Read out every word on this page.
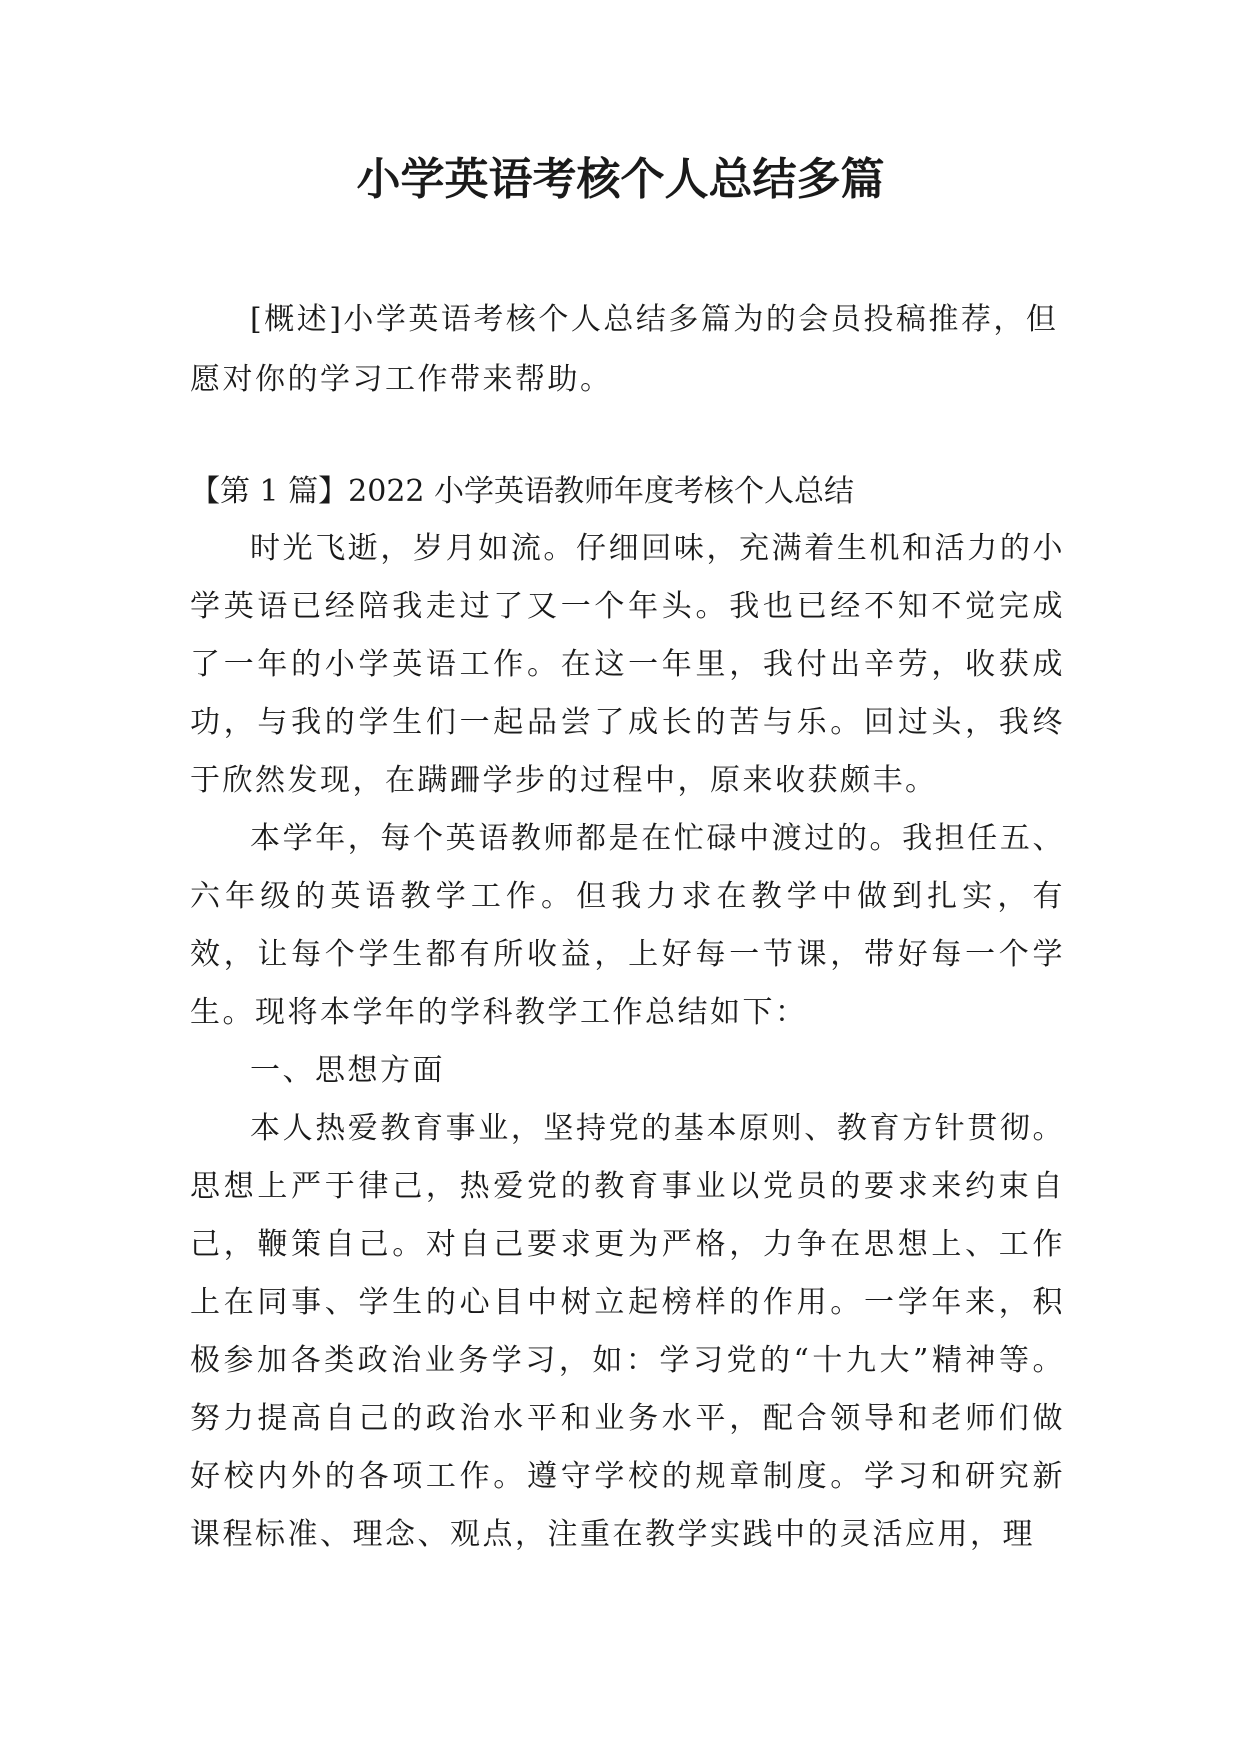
小学英语考核个人总结多篇

[概述]小学英语考核个人总结多篇为的会员投稿推荐，但愿对你的学习工作带来帮助。

【第 1 篇】2022 小学英语教师年度考核个人总结

时光飞逝，岁月如流。仔细回味，充满着生机和活力的小学英语已经陪我走过了又一个年头。我也已经不知不觉完成了一年的小学英语工作。在这一年里，我付出辛劳，收获成功，与我的学生们一起品尝了成长的苦与乐。回过头，我终于欣然发现，在蹒跚学步的过程中，原来收获颇丰。

本学年，每个英语教师都是在忙碌中渡过的。我担任五、六年级的英语教学工作。但我力求在教学中做到扎实，有效，让每个学生都有所收益，上好每一节课，带好每一个学生。现将本学年的学科教学工作总结如下：

一、思想方面

本人热爱教育事业，坚持党的基本原则、教育方针贯彻。思想上严于律己，热爱党的教育事业以党员的要求来约束自己，鞭策自己。对自己要求更为严格，力争在思想上、工作上在同事、学生的心目中树立起榜样的作用。一学年来，积极参加各类政治业务学习，如：学习党的“十九大”精神等。努力提高自己的政治水平和业务水平，配合领导和老师们做好校内外的各项工作。遵守学校的规章制度。学习和研究新课程标准、理念、观点，注重在教学实践中的灵活应用，理
